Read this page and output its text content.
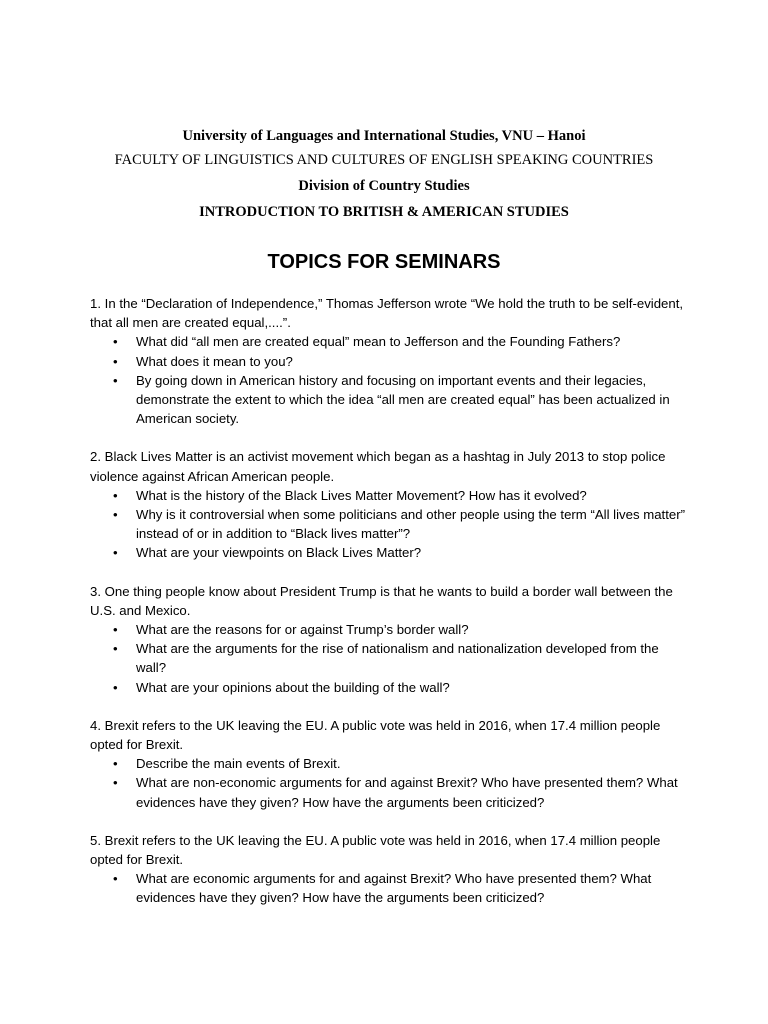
University of Languages and International Studies, VNU – Hanoi
FACULTY OF LINGUISTICS AND CULTURES OF ENGLISH SPEAKING COUNTRIES
Division of Country Studies
INTRODUCTION TO BRITISH & AMERICAN STUDIES
TOPICS FOR SEMINARS

1. In the “Declaration of Independence,” Thomas Jefferson wrote “We hold the truth to be self-evident, that all men are created equal,....”.

• What did “all men are created equal” mean to Jefferson and the Founding Fathers?
• What does it mean to you?
• By going down in American history and focusing on important events and their legacies, demonstrate the extent to which the idea “all men are created equal” has been actualized in American society.

2. Black Lives Matter is an activist movement which began as a hashtag in July 2013 to stop police violence against African American people.

• What is the history of the Black Lives Matter Movement? How has it evolved?
• Why is it controversial when some politicians and other people using the term “All lives matter” instead of or in addition to “Black lives matter”?
• What are your viewpoints on Black Lives Matter?

3. One thing people know about President Trump is that he wants to build a border wall between the U.S. and Mexico.

• What are the reasons for or against Trump’s border wall?
• What are the arguments for the rise of nationalism and nationalization developed from the wall?
• What are your opinions about the building of the wall?

4. Brexit refers to the UK leaving the EU. A public vote was held in 2016, when 17.4 million people opted for Brexit.

• Describe the main events of Brexit.
• What are non-economic arguments for and against Brexit? Who have presented them? What evidences have they given? How have the arguments been criticized?

5. Brexit refers to the UK leaving the EU. A public vote was held in 2016, when 17.4 million people opted for Brexit.

• What are economic arguments for and against Brexit? Who have presented them? What evidences have they given? How have the arguments been criticized?
